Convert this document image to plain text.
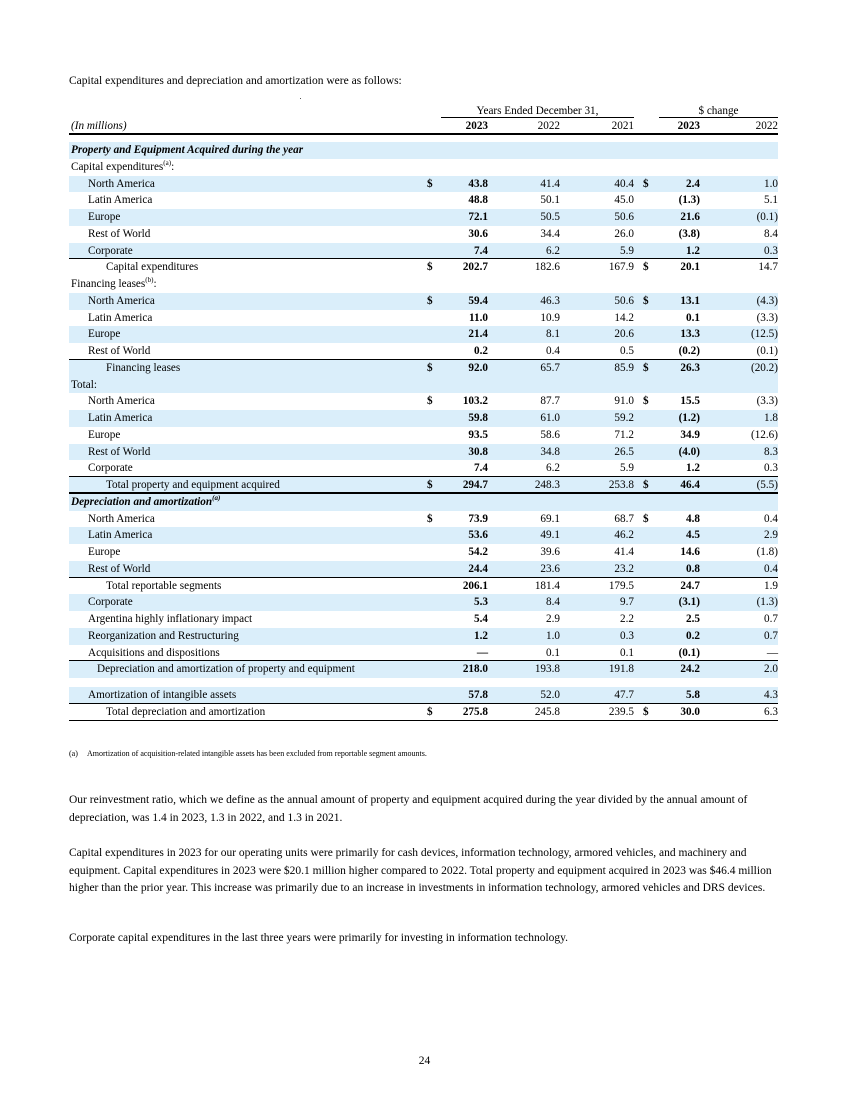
Capital expenditures and depreciation and amortization were as follows:
Years Ended December 31,	$ change
(In millions)	2023	2022	2021	2023	2022
Property and Equipment Acquired during the year
Capital expenditures$^{(a)}$:
North America	43.8	41.4	40.4	2.4	1.0
$	$
Latin America	48.8	50.1	45.0	(1.3)	5.1
Europe	72.1	50.5	50.6	21.6	(0.1)
Rest of World	30.6	34.4	26.0	(3.8)	8.4
Corporate	7.4	6.2	5.9	1.2	0.3
Capital expenditures	202.7	182.6	167.9	20.1	14.7
$	$
Financing leases$^{(b)}$:
North America	59.4	46.3	50.6	13.1	(4.3)
$	$
Latin America	11.0	10.9	14.2	0.1	(3.3)
Europe	21.4	8.1	20.6	13.3	(12.5)
Rest of World	0.2	0.4	0.5	(0.2)	(0.1)
Financing leases	92.0	65.7	85.9	26.3	(20.2)
$	$
Total:
North America	103.2	87.7	91.0	15.5	(3.3)
$	$
Latin America	59.8	61.0	59.2	(1.2)	1.8
Europe	93.5	58.6	71.2	34.9	(12.6)
Rest of World	30.8	34.8	26.5	(4.0)	8.3
Corporate	7.4	6.2	5.9	1.2	0.3
Total property and equipment acquired	294.7	248.3	253.8	46.4	(5.5)
$	$
Depreciation and amortization$^{(a)}$
North America	73.9	69.1	68.7	4.8	0.4
$	$
Latin America	53.6	49.1	46.2	4.5	2.9
Europe	54.2	39.6	41.4	14.6	(1.8)
Rest of World	24.4	23.6	23.2	0.8	0.4
Total reportable segments	206.1	181.4	179.5	24.7	1.9
Corporate	5.3	8.4	9.7	(3.1)	(1.3)
Argentina highly inflationary impact	5.4	2.9	2.2	2.5	0.7
Reorganization and Restructuring	1.2	1.0	0.3	0.2	0.7
Acquisitions and dispositions	—	0.1	0.1	(0.1)	—
Depreciation and amortization of property and equipment	218.0	193.8	191.8	24.2	2.0
Amortization of intangible assets	57.8	52.0	47.7	5.8	4.3
Total depreciation and amortization	275.8	245.8	239.5	30.0	6.3
$	$
(a) Amortization of acquisition-related intangible assets has been excluded from reportable segment amounts.
Our reinvestment ratio, which we define as the annual amount of property and equipment acquired during the year divided by the annual amount of depreciation, was 1.4 in 2023, 1.3 in 2022, and 1.3 in 2021.
Capital expenditures in 2023 for our operating units were primarily for cash devices, information technology, armored vehicles, and machinery and equipment. Capital expenditures in 2023 were $20.1 million higher compared to 2022. Total property and equipment acquired in 2023 was $46.4 million higher than the prior year. This increase was primarily due to an increase in investments in information technology, armored vehicles and DRS devices.
Corporate capital expenditures in the last three years were primarily for investing in information technology.
24
